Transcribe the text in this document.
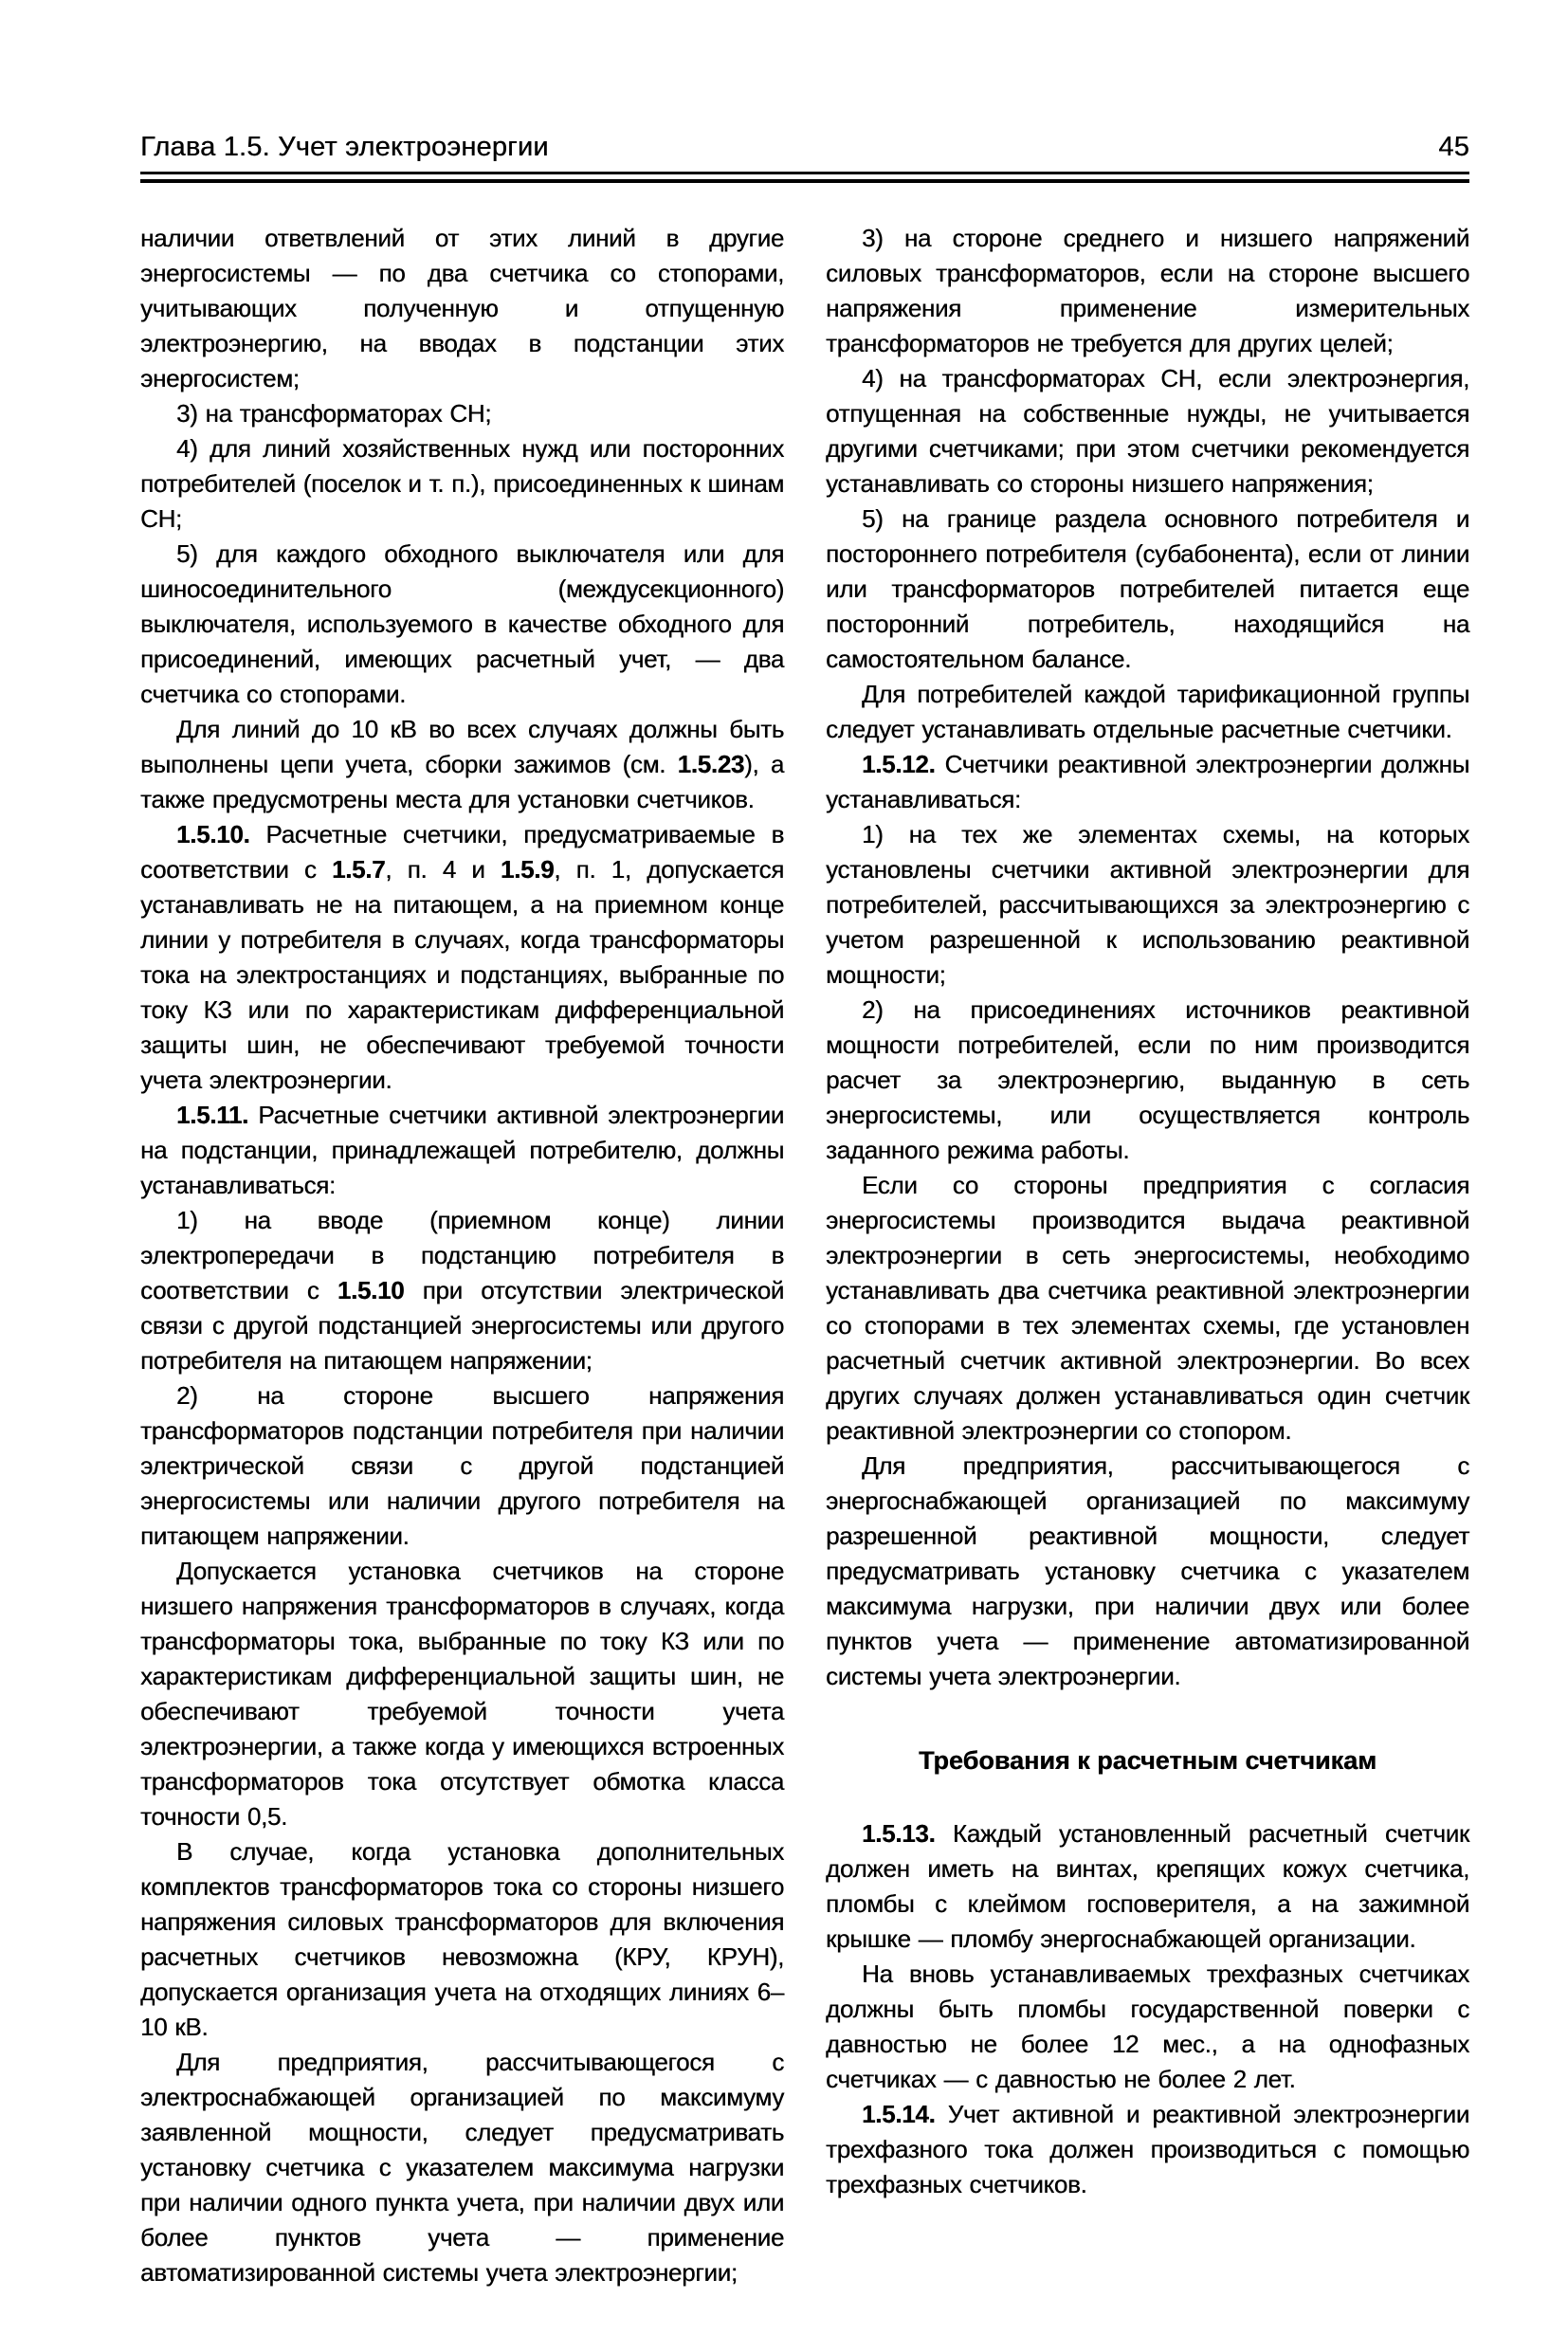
Глава 1.5. Учет электроэнергии	45

наличии ответвлений от этих линий в другие энергосистемы — по два счетчика со стопорами, учитывающих полученную и отпущенную электроэнергию, на вводах в подстанции этих энергосистем;

3) на трансформаторах СН;

4) для линий хозяйственных нужд или посторонних потребителей (поселок и т. п.), присоединенных к шинам СН;

5) для каждого обходного выключателя или для шиносоединительного (междусекционного) выключателя, используемого в качестве обходного для присоединений, имеющих расчетный учет, — два счетчика со стопорами.

Для линий до 10 кВ во всех случаях должны быть выполнены цепи учета, сборки зажимов (см. 1.5.23), а также предусмотрены места для установки счетчиков.

1.5.10. Расчетные счетчики, предусматриваемые в соответствии с 1.5.7, п. 4 и 1.5.9, п. 1, допускается устанавливать не на питающем, а на приемном конце линии у потребителя в случаях, когда трансформаторы тока на электростанциях и подстанциях, выбранные по току КЗ или по характеристикам дифференциальной защиты шин, не обеспечивают требуемой точности учета электроэнергии.

1.5.11. Расчетные счетчики активной электроэнергии на подстанции, принадлежащей потребителю, должны устанавливаться:

1) на вводе (приемном конце) линии электропередачи в подстанцию потребителя в соответствии с 1.5.10 при отсутствии электрической связи с другой подстанцией энергосистемы или другого потребителя на питающем напряжении;

2) на стороне высшего напряжения трансформаторов подстанции потребителя при наличии электрической связи с другой подстанцией энергосистемы или наличии другого потребителя на питающем напряжении.

Допускается установка счетчиков на стороне низшего напряжения трансформаторов в случаях, когда трансформаторы тока, выбранные по току КЗ или по характеристикам дифференциальной защиты шин, не обеспечивают требуемой точности учета электроэнергии, а также когда у имеющихся встроенных трансформаторов тока отсутствует обмотка класса точности 0,5.

В случае, когда установка дополнительных комплектов трансформаторов тока со стороны низшего напряжения силовых трансформаторов для включения расчетных счетчиков невозможна (КРУ, КРУН), допускается организация учета на отходящих линиях 6–10 кВ.

Для предприятия, рассчитывающегося с электроснабжающей организацией по максимуму заявленной мощности, следует предусматривать установку счетчика с указателем максимума нагрузки при наличии одного пункта учета, при наличии двух или более пунктов учета — применение автоматизированной системы учета электроэнергии;

3) на стороне среднего и низшего напряжений силовых трансформаторов, если на стороне высшего напряжения применение измерительных трансформаторов не требуется для других целей;

4) на трансформаторах СН, если электроэнергия, отпущенная на собственные нужды, не учитывается другими счетчиками; при этом счетчики рекомендуется устанавливать со стороны низшего напряжения;

5) на границе раздела основного потребителя и постороннего потребителя (субабонента), если от линии или трансформаторов потребителей питается еще посторонний потребитель, находящийся на самостоятельном балансе.

Для потребителей каждой тарификационной группы следует устанавливать отдельные расчетные счетчики.

1.5.12. Счетчики реактивной электроэнергии должны устанавливаться:

1) на тех же элементах схемы, на которых установлены счетчики активной электроэнергии для потребителей, рассчитывающихся за электроэнергию с учетом разрешенной к использованию реактивной мощности;

2) на присоединениях источников реактивной мощности потребителей, если по ним производится расчет за электроэнергию, выданную в сеть энергосистемы, или осуществляется контроль заданного режима работы.

Если со стороны предприятия с согласия энергосистемы производится выдача реактивной электроэнергии в сеть энергосистемы, необходимо устанавливать два счетчика реактивной электроэнергии со стопорами в тех элементах схемы, где установлен расчетный счетчик активной электроэнергии. Во всех других случаях должен устанавливаться один счетчик реактивной электроэнергии со стопором.

Для предприятия, рассчитывающегося с энергоснабжающей организацией по максимуму разрешенной реактивной мощности, следует предусматривать установку счетчика с указателем максимума нагрузки, при наличии двух или более пунктов учета — применение автоматизированной системы учета электроэнергии.

Требования к расчетным счетчикам

1.5.13. Каждый установленный расчетный счетчик должен иметь на винтах, крепящих кожух счетчика, пломбы с клеймом госповерителя, а на зажимной крышке — пломбу энергоснабжающей организации.

На вновь устанавливаемых трехфазных счетчиках должны быть пломбы государственной поверки с давностью не более 12 мес., а на однофазных счетчиках — с давностью не более 2 лет.

1.5.14. Учет активной и реактивной электроэнергии трехфазного тока должен производиться с помощью трехфазных счетчиков.
